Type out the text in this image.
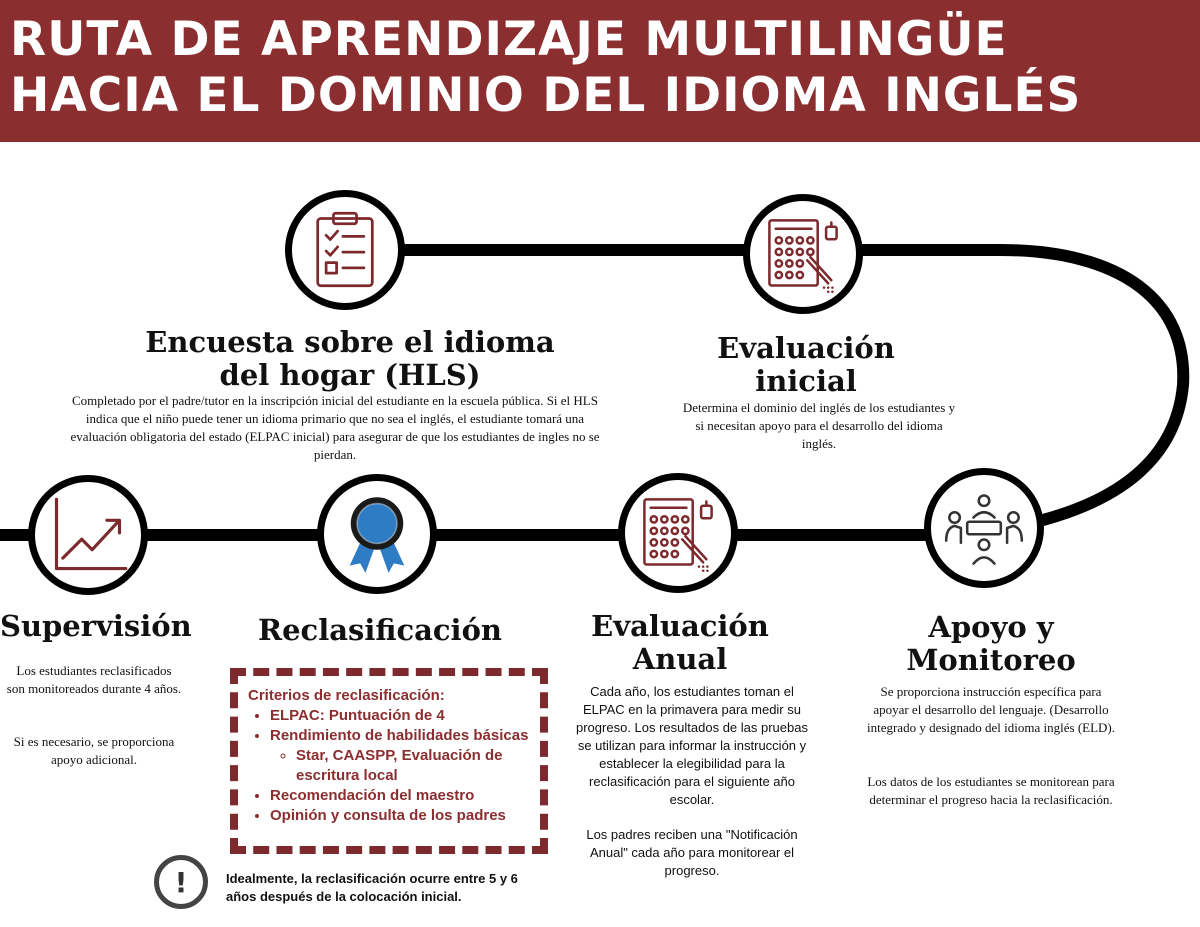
RUTA DE APRENDIZAJE MULTILINGÜE
HACIA EL DOMINIO DEL IDIOMA INGLÉS
Encuesta sobre el idioma
del hogar (HLS)

Completado por el padre/tutor en la inscripción inicial del estudiante en la escuela pública. Si el HLS indica que el niño puede tener un idioma primario que no sea el inglés, el estudiante tomará una evaluación obligatoria del estado (ELPAC inicial) para asegurar de que los estudiantes de ingles no se pierdan.

Evaluación
inicial

Determina el dominio del inglés de los estudiantes y si necesitan apoyo para el desarrollo del idioma inglés.

Supervisión

Los estudiantes reclasificados son monitoreados durante 4 años.

Si es necesario, se proporciona apoyo adicional.

Reclasificación
Criterios de reclasificación:
• ELPAC: Puntuación de 4
• Rendimiento de habilidades básicas
◦ Star, CAASPP, Evaluación de escritura local
• Recomendación del maestro
• Opinión y consulta de los padres
!	Idealmente, la reclasificación ocurre entre 5 y 6 años después de la colocación inicial.

Evaluación
Anual

Cada año, los estudiantes toman el ELPAC en la primavera para medir su progreso. Los resultados de las pruebas se utilizan para informar la instrucción y establecer la elegibilidad para la reclasificación para el siguiente año escolar.

Los padres reciben una "Notificación Anual" cada año para monitorear el progreso.

Apoyo y
Monitoreo

Se proporciona instrucción específica para apoyar el desarrollo del lenguaje. (Desarrollo integrado y designado del idioma inglés (ELD).

Los datos de los estudiantes se monitorean para determinar el progreso hacia la reclasificación.
